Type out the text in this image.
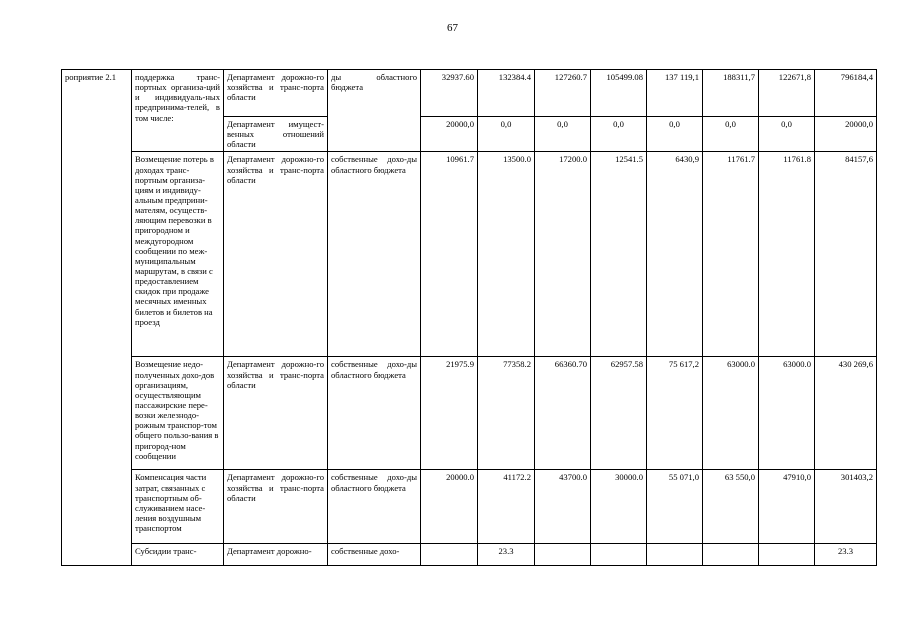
67
роприятие 2.1	поддержка транс-портных организа-ций и индивидуаль-ных предпринима-телей, в том числе:	Департамент дорожно-го хозяйства и транс-порта области	ды областного бюджета	32937.60	132384.4	127260.7	105499.08	137 119,1	188311,7	122671,8	796184,4
		Департамент имущест-венных отношений области		20000,0	0,0	0,0	0,0	0,0	0,0	0,0	20000,0
	Возмещение потерь в доходах транс-портным организа-циям и индивиду-альным предприни-мателям, осуществ-ляющим перевозки в пригородном и междугородном сообщении по меж-муниципальным маршрутам, в связи с предоставлением скидок при продаже месячных именных билетов и билетов на проезд	Департамент дорожно-го хозяйства и транс-порта области	собственные дохо-ды областного бюджета	10961.7	13500.0	17200.0	12541.5	6430,9	11761.7	11761.8	84157,6
	Возмещение недо-полученных дохо-дов организациям, осуществляющим пассажирские пере-возки железнодо-рожным транспор-том общего пользо-вания в пригород-ном сообщении	Департамент дорожно-го хозяйства и транс-порта области	собственные дохо-ды областного бюджета	21975.9	77358.2	66360.70	62957.58	75 617,2	63000.0	63000.0	430 269,6
	Компенсация части затрат, связанных с транспортным об-служиванием насе-ления воздушным транспортом	Департамент дорожно-го хозяйства и транс-порта области	собственные дохо-ды областного бюджета	20000.0	41172.2	43700.0	30000.0	55 071,0	63 550,0	47910,0	301403,2
	Субсидии транс-	Департамент дорожно-	собственные дохо-		23.3						23.3
